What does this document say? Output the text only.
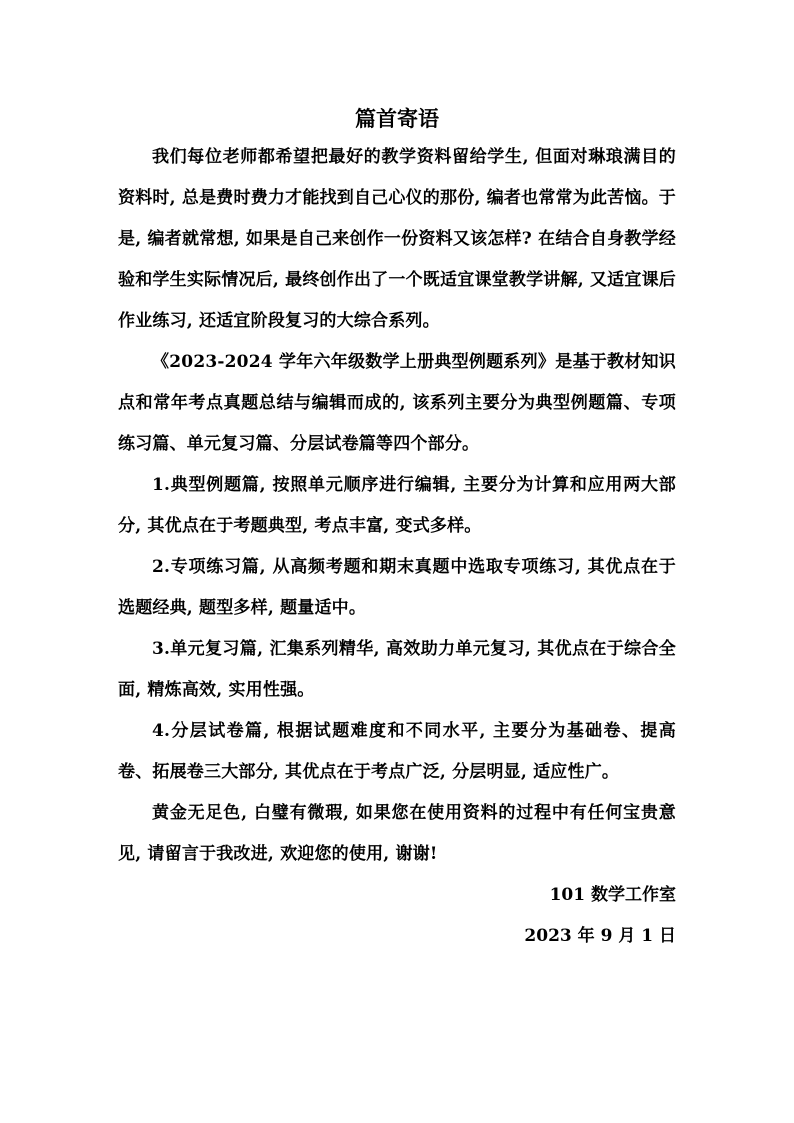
篇首寄语

我们每位老师都希望把最好的教学资料留给学生, 但面对琳琅满目的资料时, 总是费时费力才能找到自己心仪的那份, 编者也常常为此苦恼。于是, 编者就常想, 如果是自己来创作一份资料又该怎样? 在结合自身教学经验和学生实际情况后, 最终创作出了一个既适宜课堂教学讲解, 又适宜课后作业练习, 还适宜阶段复习的大综合系列。

《2023-2024 学年六年级数学上册典型例题系列》是基于教材知识点和常年考点真题总结与编辑而成的, 该系列主要分为典型例题篇、专项练习篇、单元复习篇、分层试卷篇等四个部分。

1.典型例题篇, 按照单元顺序进行编辑, 主要分为计算和应用两大部分, 其优点在于考题典型, 考点丰富, 变式多样。

2.专项练习篇, 从高频考题和期末真题中选取专项练习, 其优点在于选题经典, 题型多样, 题量适中。

3.单元复习篇, 汇集系列精华, 高效助力单元复习, 其优点在于综合全面, 精炼高效, 实用性强。

4.分层试卷篇, 根据试题难度和不同水平, 主要分为基础卷、提高卷、拓展卷三大部分, 其优点在于考点广泛, 分层明显, 适应性广。

黄金无足色, 白璧有微瑕, 如果您在使用资料的过程中有任何宝贵意见, 请留言于我改进, 欢迎您的使用, 谢谢!

101 数学工作室

2023 年 9 月 1 日
